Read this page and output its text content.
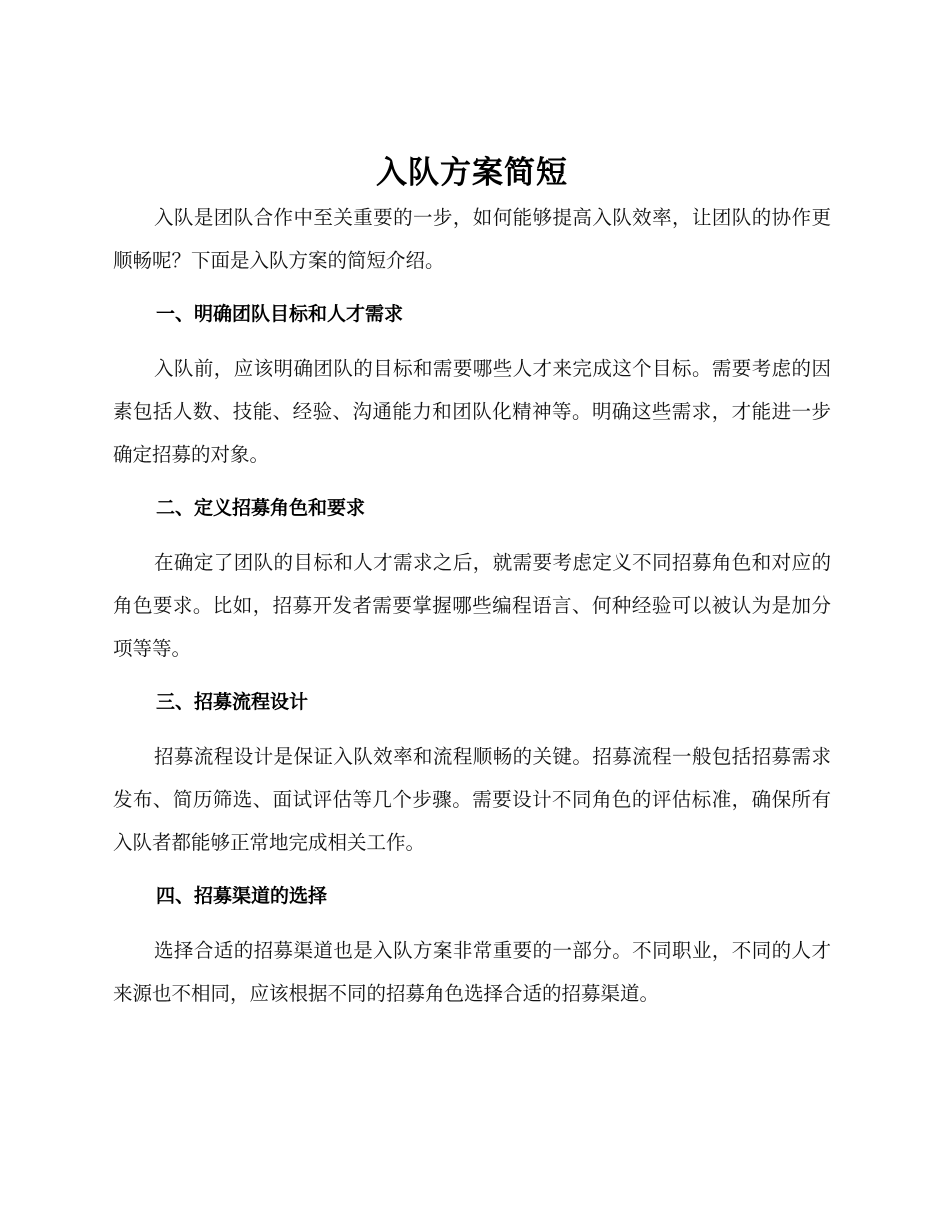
入队方案简短

入队是团队合作中至关重要的一步，如何能够提高入队效率，让团队的协作更顺畅呢？下面是入队方案的简短介绍。

一、明确团队目标和人才需求

入队前，应该明确团队的目标和需要哪些人才来完成这个目标。需要考虑的因素包括人数、技能、经验、沟通能力和团队化精神等。明确这些需求，才能进一步确定招募的对象。

二、定义招募角色和要求

在确定了团队的目标和人才需求之后，就需要考虑定义不同招募角色和对应的角色要求。比如，招募开发者需要掌握哪些编程语言、何种经验可以被认为是加分项等等。

三、招募流程设计

招募流程设计是保证入队效率和流程顺畅的关键。招募流程一般包括招募需求发布、简历筛选、面试评估等几个步骤。需要设计不同角色的评估标准，确保所有入队者都能够正常地完成相关工作。

四、招募渠道的选择

选择合适的招募渠道也是入队方案非常重要的一部分。不同职业，不同的人才来源也不相同，应该根据不同的招募角色选择合适的招募渠道。
